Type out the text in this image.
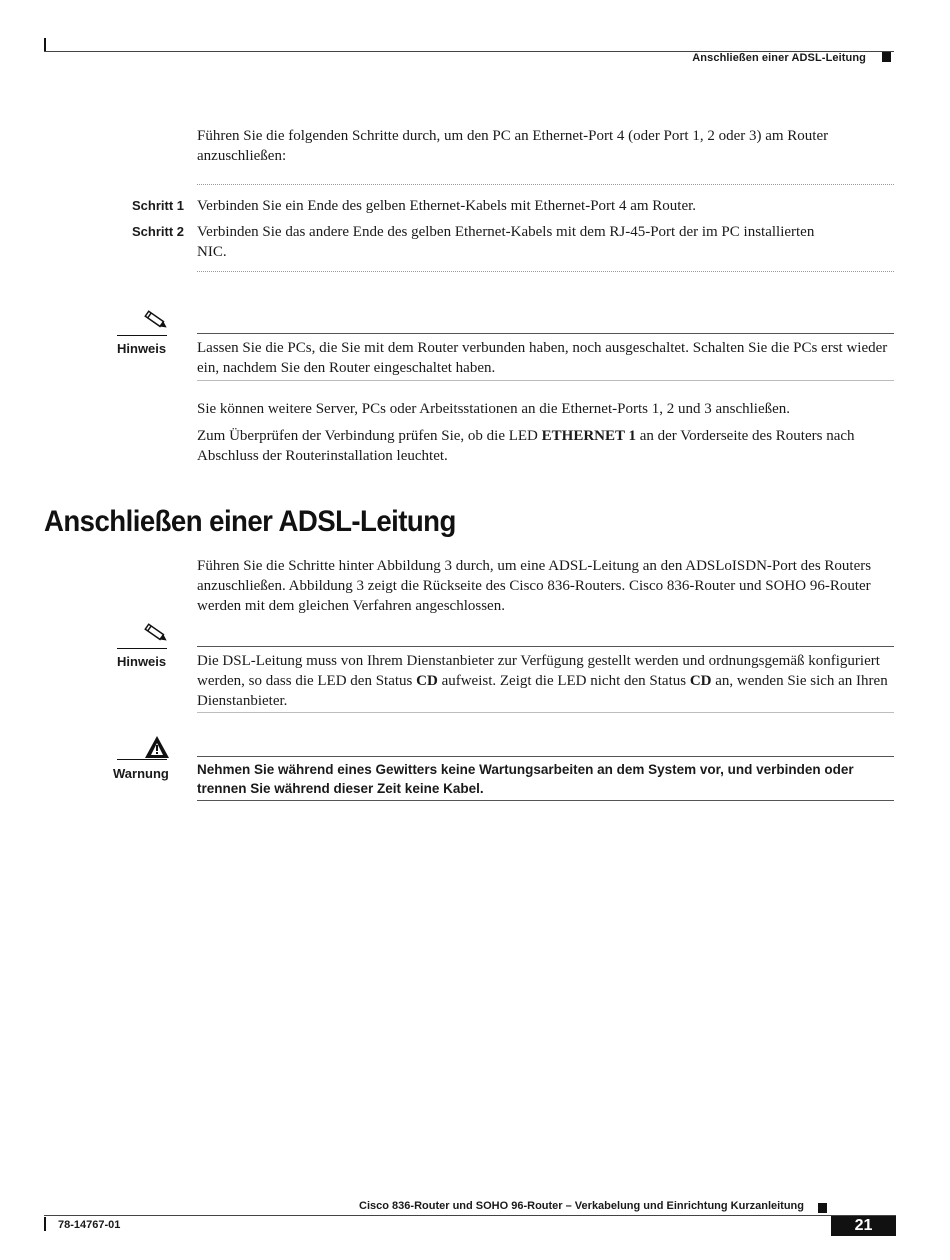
Anschließen einer ADSL-Leitung
Führen Sie die folgenden Schritte durch, um den PC an Ethernet-Port 4 (oder Port 1, 2 oder 3) am Router anzuschließen:
Schritt 1 Verbinden Sie ein Ende des gelben Ethernet-Kabels mit Ethernet-Port 4 am Router.
Schritt 2 Verbinden Sie das andere Ende des gelben Ethernet-Kabels mit dem RJ-45-Port der im PC installierten NIC.
Hinweis	Lassen Sie die PCs, die Sie mit dem Router verbunden haben, noch ausgeschaltet. Schalten Sie die PCs erst wieder ein, nachdem Sie den Router eingeschaltet haben.
Sie können weitere Server, PCs oder Arbeitsstationen an die Ethernet-Ports 1, 2 und 3 anschließen.
Zum Überprüfen der Verbindung prüfen Sie, ob die LED ETHERNET 1 an der Vorderseite des Routers nach Abschluss der Routerinstallation leuchtet.
Anschließen einer ADSL-Leitung
Führen Sie die Schritte hinter Abbildung 3 durch, um eine ADSL-Leitung an den ADSLoISDN-Port des Routers anzuschließen. Abbildung 3 zeigt die Rückseite des Cisco 836-Routers. Cisco 836-Router und SOHO 96-Router werden mit dem gleichen Verfahren angeschlossen.
Hinweis	Die DSL-Leitung muss von Ihrem Dienstanbieter zur Verfügung gestellt werden und ordnungsgemäß konfiguriert werden, so dass die LED den Status CD aufweist. Zeigt die LED nicht den Status CD an, wenden Sie sich an Ihren Dienstanbieter.
Warnung	Nehmen Sie während eines Gewitters keine Wartungsarbeiten an dem System vor, und verbinden oder trennen Sie während dieser Zeit keine Kabel.
Cisco 836-Router und SOHO 96-Router – Verkabelung und Einrichtung Kurzanleitung
78-14767-01	21
